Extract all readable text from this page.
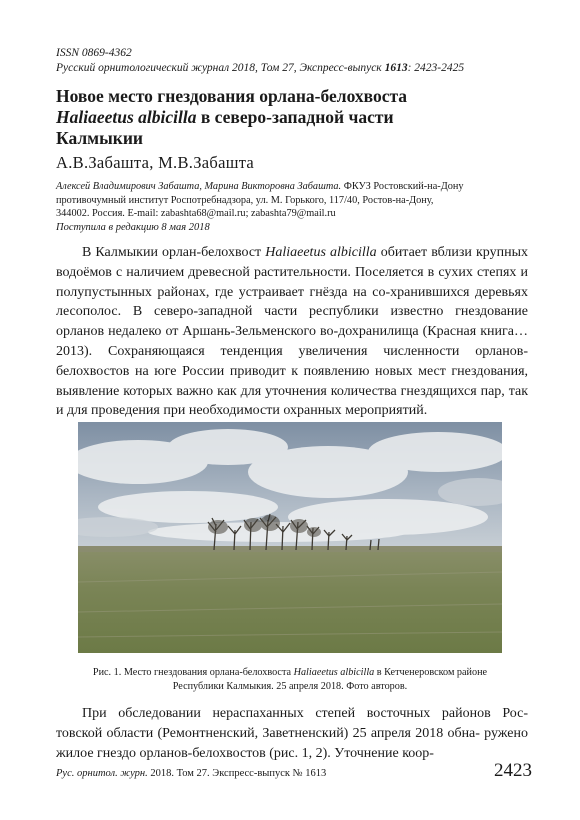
ISSN 0869-4362
Русский орнитологический журнал 2018, Том 27, Экспресс-выпуск 1613: 2423-2425
Новое место гнездования орлана-белохвоста
Haliaeetus albicilla в северо-западной части
Калмыкии
А.В.Забашта, М.В.Забашта
Алексей Владимирович Забашта, Марина Викторовна Забашта. ФКУЗ Ростовский-на-Дону
противочумный институт Роспотребнадзора, ул. М. Горького, 117/40, Ростов-на-Дону,
344002. Россия. E-mail: zabashta68@mail.ru; zabashta79@mail.ru
Поступила в редакцию 8 мая 2018
В Калмыкии орлан-белохвост Haliaeetus albicilla обитает вблизи крупных водоёмов с наличием древесной растительности. Поселяется в сухих степях и полупустынных районах, где устраивает гнёзда на со-хранившихся деревьях лесополос. В северо-западной части республики известно гнездование орланов недалеко от Аршань-Зельменского во-дохранилища (Красная книга… 2013). Сохраняющаяся тенденция увеличения численности орланов-белохвостов на юге России приводит к появлению новых мест гнездования, выявление которых важно как для уточнения количества гнездящихся пар, так и для проведения при необходимости охранных мероприятий.
Рис. 1. Место гнездования орлана-белохвоста Haliaeetus albicilla в Кетченеровском районе
Республики Калмыкия. 25 апреля 2018. Фото авторов.
При обследовании нераспаханных степей восточных районов Рос- товской области (Ремонтненский, Заветненский) 25 апреля 2018 обна- ружено жилое гнездо орланов-белохвостов (рис. 1, 2). Уточнение коор-
Рус. орнитол. журн. 2018. Том 27. Экспресс-выпуск № 1613	2423
